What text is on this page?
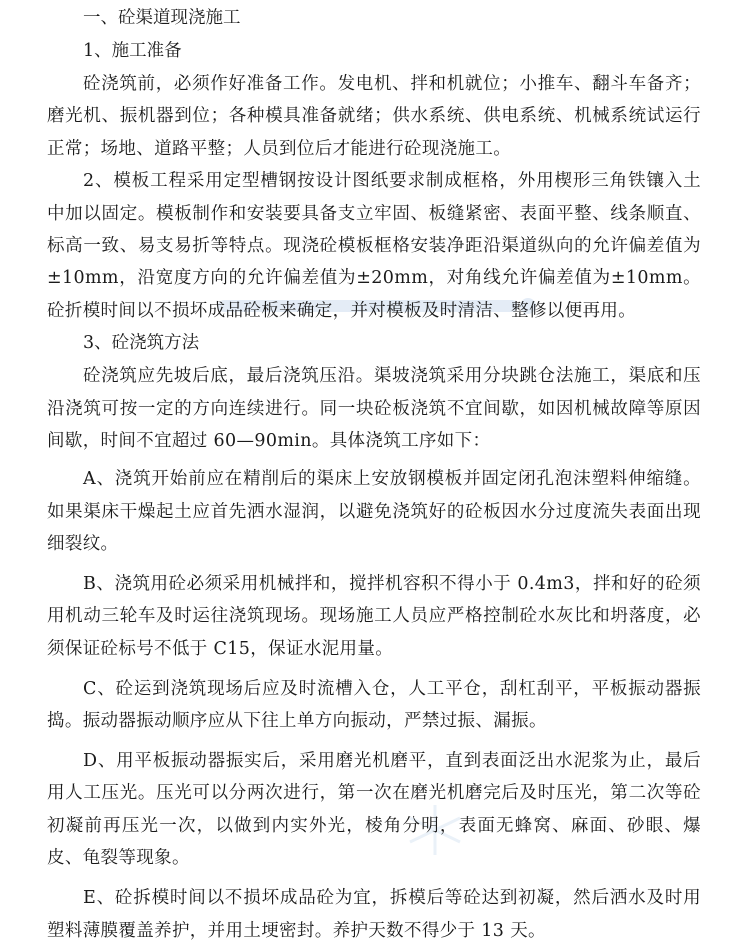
一、砼渠道现浇施工

1、施工准备

砼浇筑前，必须作好准备工作。发电机、拌和机就位；小推车、翻斗车备齐；磨光机、振机器到位；各种模具准备就绪；供水系统、供电系统、机械系统试运行正常；场地、道路平整；人员到位后才能进行砼现浇施工。

2、模板工程采用定型槽钢按设计图纸要求制成框格，外用楔形三角铁镶入土中加以固定。模板制作和安装要具备支立牢固、板缝紧密、表面平整、线条顺直、标高一致、易支易折等特点。现浇砼模板框格安装净距沿渠道纵向的允许偏差值为±10mm，沿宽度方向的允许偏差值为±20mm，对角线允许偏差值为±10mm。砼折模时间以不损坏成品砼板来确定，并对模板及时清洁、整修以便再用。

3、砼浇筑方法

砼浇筑应先坡后底，最后浇筑压沿。渠坡浇筑采用分块跳仓法施工，渠底和压沿浇筑可按一定的方向连续进行。同一块砼板浇筑不宜间歇，如因机械故障等原因间歇，时间不宜超过 60—90min。具体浇筑工序如下：

A、浇筑开始前应在精削后的渠床上安放钢模板并固定闭孔泡沫塑料伸缩缝。如果渠床干燥起土应首先洒水湿润，以避免浇筑好的砼板因水分过度流失表面出现细裂纹。

B、浇筑用砼必须采用机械拌和，搅拌机容积不得小于 0.4m3，拌和好的砼须用机动三轮车及时运往浇筑现场。现场施工人员应严格控制砼水灰比和坍落度，必须保证砼标号不低于 C15，保证水泥用量。

C、砼运到浇筑现场后应及时流槽入仓，人工平仓，刮杠刮平，平板振动器振捣。振动器振动顺序应从下往上单方向振动，严禁过振、漏振。

D、用平板振动器振实后，采用磨光机磨平，直到表面泛出水泥浆为止，最后用人工压光。压光可以分两次进行，第一次在磨光机磨完后及时压光，第二次等砼初凝前再压光一次，以做到内实外光，棱角分明，表面无蜂窝、麻面、砂眼、爆皮、龟裂等现象。

E、砼拆模时间以不损坏成品砼为宜，拆模后等砼达到初凝，然后洒水及时用塑料薄膜覆盖养护，并用土埂密封。养护天数不得少于 13 天。
